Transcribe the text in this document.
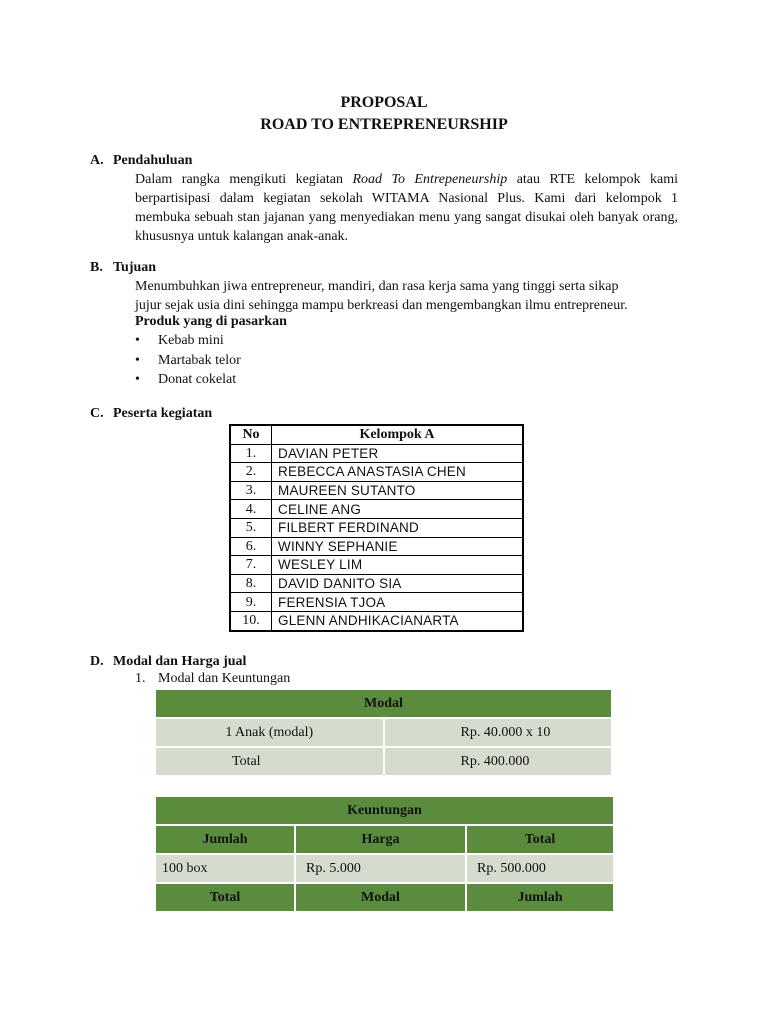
PROPOSAL
ROAD TO ENTREPRENEURSHIP
A. Pendahuluan
Dalam rangka mengikuti kegiatan Road To Entrepeneurship atau RTE kelompok kami berpartisipasi dalam kegiatan sekolah WITAMA Nasional Plus. Kami dari kelompok 1 membuka sebuah stan jajanan yang menyediakan menu yang sangat disukai oleh banyak orang, khususnya untuk kalangan anak-anak.
B. Tujuan
Menumbuhkan jiwa entrepreneur, mandiri, dan rasa kerja sama yang tinggi serta sikap
jujur sejak usia dini sehingga mampu berkreasi dan mengembangkan ilmu entrepreneur.
Produk yang di pasarkan
• Kebab mini
• Martabak telor
• Donat cokelat
C. Peserta kegiatan
No	Kelompok A
1.	DAVIAN PETER
2.	REBECCA ANASTASIA CHEN
3.	MAUREEN SUTANTO
4.	CELINE ANG
5.	FILBERT FERDINAND
6.	WINNY SEPHANIE
7.	WESLEY LIM
8.	DAVID DANITO SIA
9.	FERENSIA TJOA
10.	GLENN ANDHIKACIANARTA
D. Modal dan Harga jual
1. Modal dan Keuntungan
Modal	
1 Anak (modal)	Rp. 40.000 x 10
Total	Rp. 400.000
Keuntungan		
Jumlah	Harga	Total
100 box	Rp. 5.000	Rp. 500.000
Total	Modal	Jumlah
